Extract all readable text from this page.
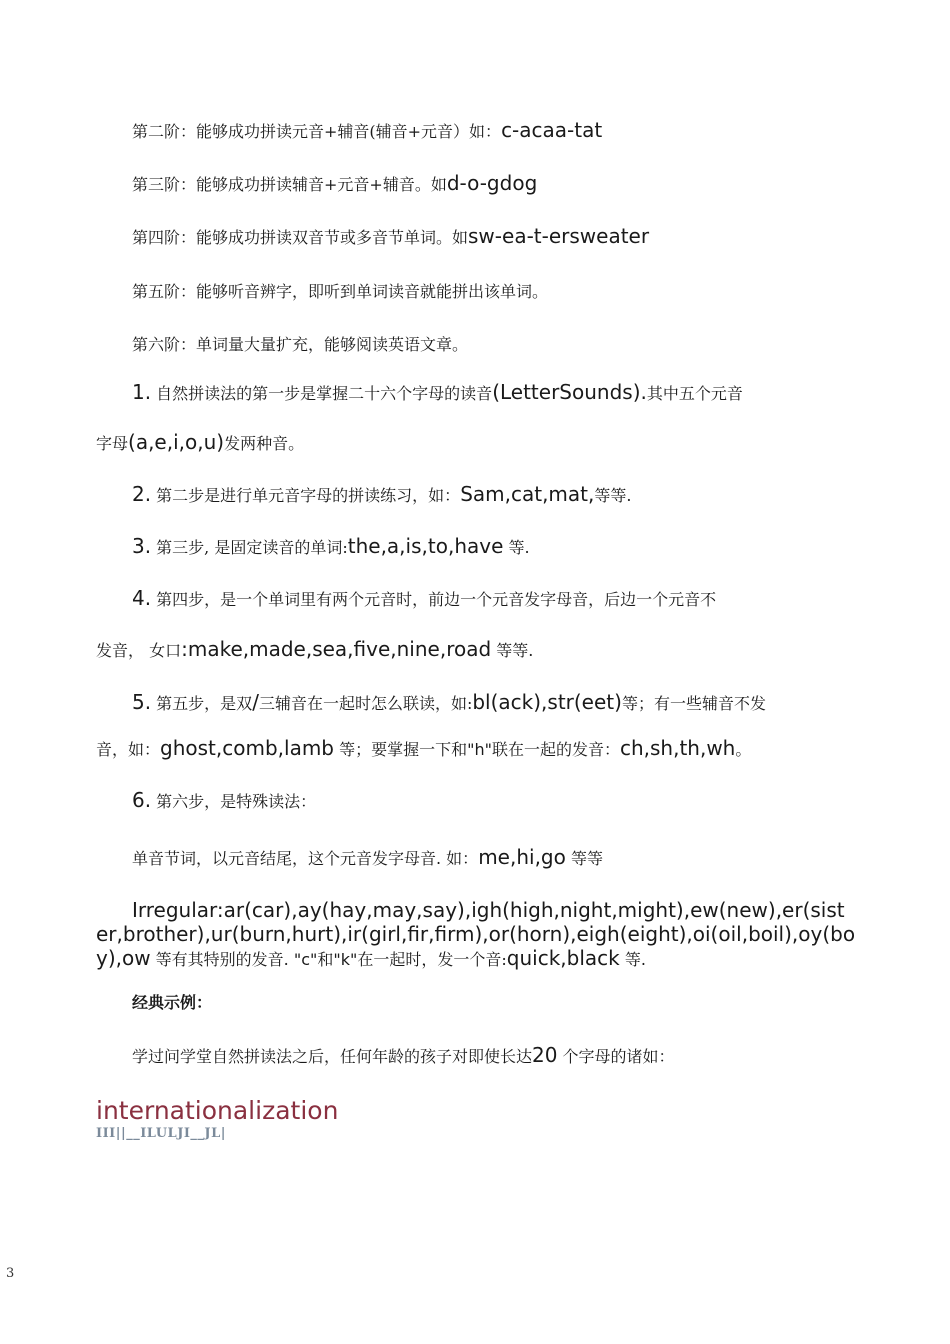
第二阶：能够成功拼读元音+辅音(辅音+元音）如：c-acaa-tat
第三阶：能够成功拼读辅音+元音+辅音。如d-o-gdog
第四阶：能够成功拼读双音节或多音节单词。如sw-ea-t-ersweater
第五阶：能够听音辨字，即听到单词读音就能拼出该单词。
第六阶：单词量大量扩充，能够阅读英语文章。
1. 自然拼读法的第一步是掌握二十六个字母的读音(LetterSounds).其中五个元音
字母(a,e,i,o,u)发两种音。
2. 第二步是进行单元音字母的拼读练习，如：Sam,cat,mat,等等.
3. 第三步, 是固定读音的单词:the,a,is,to,have 等.
4. 第四步，是一个单词里有两个元音时，前边一个元音发字母音，后边一个元音不
发音， 女口:make,made,sea,five,nine,road 等等.
5. 第五步，是双/三辅音在一起时怎么联读，如:bl(ack),str(eet)等；有一些辅音不发
音，如：ghost,comb,lamb 等；要掌握一下和"h"联在一起的发音：ch,sh,th,wh。
6. 第六步，是特殊读法：
单音节词，以元音结尾，这个元音发字母音. 如：me,hi,go 等等
Irregular:ar(car),ay(hay,may,say),igh(high,night,might),ew(new),er(sister,brother),ur(burn,hurt),ir(girl,fir,firm),or(horn),eigh(eight),oi(oil,boil),oy(boy),ow 等有其特别的发音. "c"和"k"在一起时，发一个音:quick,black 等.
经典示例：
学过问学堂自然拼读法之后，任何年龄的孩子对即使长达20 个字母的诸如：
internationalization
III||__ILULJI__JL|
3
